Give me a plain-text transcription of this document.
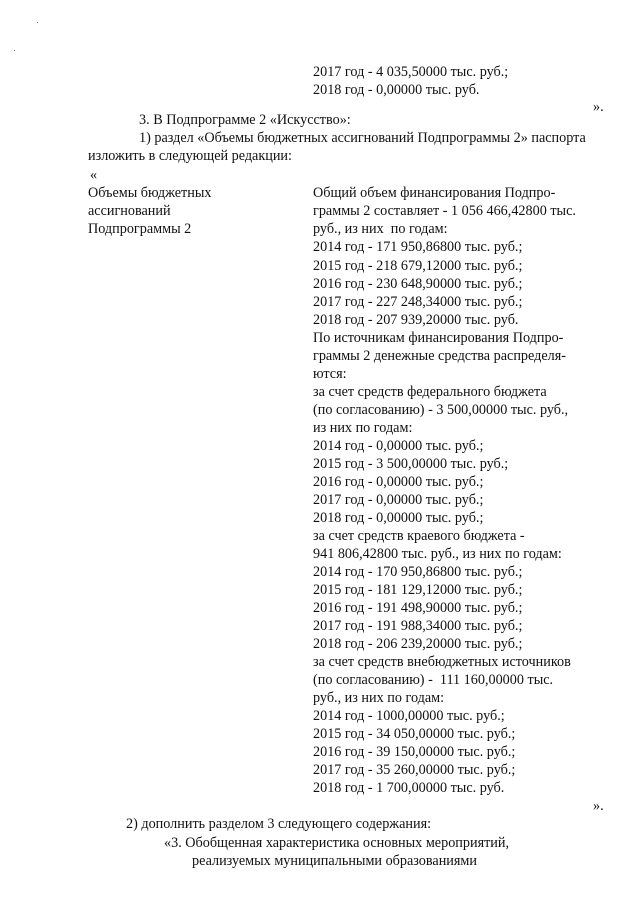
2017 год - 4 035,50000 тыс. руб.;
2018 год - 0,00000 тыс. руб.
».
3. В Подпрограмме 2 «Искусство»:
1) раздел «Объемы бюджетных ассигнований Подпрограммы 2» паспорта
изложить в следующей редакции:
«
Объемы бюджетных
ассигнований
Подпрограммы 2
Общий объем финансирования Подпро-
граммы 2 составляет - 1 056 466,42800 тыс.
руб., из них  по годам:
2014 год - 171 950,86800 тыс. руб.;
2015 год - 218 679,12000 тыс. руб.;
2016 год - 230 648,90000 тыс. руб.;
2017 год - 227 248,34000 тыс. руб.;
2018 год - 207 939,20000 тыс. руб.
По источникам финансирования Подпро-
граммы 2 денежные средства распределя-
ются:
за счет средств федерального бюджета
(по согласованию) - 3 500,00000 тыс. руб.,
из них по годам:
2014 год - 0,00000 тыс. руб.;
2015 год - 3 500,00000 тыс. руб.;
2016 год - 0,00000 тыс. руб.;
2017 год - 0,00000 тыс. руб.;
2018 год - 0,00000 тыс. руб.;
за счет средств краевого бюджета -
941 806,42800 тыс. руб., из них по годам:
2014 год - 170 950,86800 тыс. руб.;
2015 год - 181 129,12000 тыс. руб.;
2016 год - 191 498,90000 тыс. руб.;
2017 год - 191 988,34000 тыс. руб.;
2018 год - 206 239,20000 тыс. руб.;
за счет средств внебюджетных источников
(по согласованию) -  111 160,00000 тыс.
руб., из них по годам:
2014 год - 1000,00000 тыс. руб.;
2015 год - 34 050,00000 тыс. руб.;
2016 год - 39 150,00000 тыс. руб.;
2017 год - 35 260,00000 тыс. руб.;
2018 год - 1 700,00000 тыс. руб.
».
2) дополнить разделом 3 следующего содержания:
«3. Обобщенная характеристика основных мероприятий,
реализуемых муниципальными образованиями
